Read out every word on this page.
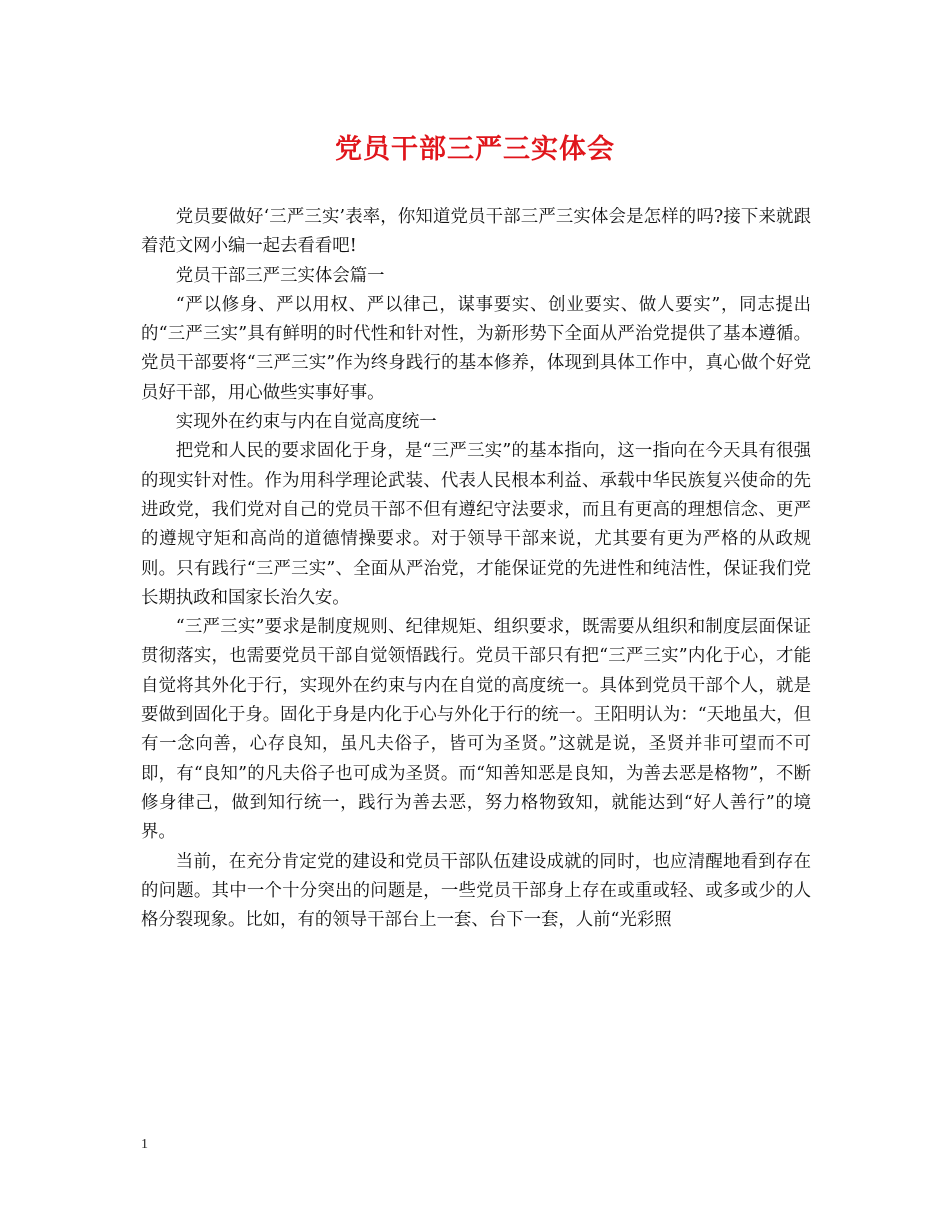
党员干部三严三实体会

党员要做好‘三严三实’表率，你知道党员干部三严三实体会是怎样的吗?接下来就跟着范文网小编一起去看看吧!

党员干部三严三实体会篇一

“严以修身、严以用权、严以律己，谋事要实、创业要实、做人要实”，同志提出的“三严三实”具有鲜明的时代性和针对性，为新形势下全面从严治党提供了基本遵循。党员干部要将“三严三实”作为终身践行的基本修养，体现到具体工作中，真心做个好党员好干部，用心做些实事好事。

实现外在约束与内在自觉高度统一

把党和人民的要求固化于身，是“三严三实”的基本指向，这一指向在今天具有很强的现实针对性。作为用科学理论武装、代表人民根本利益、承载中华民族复兴使命的先进政党，我们党对自己的党员干部不但有遵纪守法要求，而且有更高的理想信念、更严的遵规守矩和高尚的道德情操要求。对于领导干部来说，尤其要有更为严格的从政规则。只有践行“三严三实”、全面从严治党，才能保证党的先进性和纯洁性，保证我们党长期执政和国家长治久安。

“三严三实”要求是制度规则、纪律规矩、组织要求，既需要从组织和制度层面保证贯彻落实，也需要党员干部自觉领悟践行。党员干部只有把“三严三实”内化于心，才能自觉将其外化于行，实现外在约束与内在自觉的高度统一。具体到党员干部个人，就是要做到固化于身。固化于身是内化于心与外化于行的统一。王阳明认为：“天地虽大，但有一念向善，心存良知，虽凡夫俗子，皆可为圣贤。”这就是说，圣贤并非可望而不可即，有“良知”的凡夫俗子也可成为圣贤。而“知善知恶是良知，为善去恶是格物”，不断修身律己，做到知行统一，践行为善去恶，努力格物致知，就能达到“好人善行”的境界。

当前，在充分肯定党的建设和党员干部队伍建设成就的同时，也应清醒地看到存在的问题。其中一个十分突出的问题是，一些党员干部身上存在或重或轻、或多或少的人格分裂现象。比如，有的领导干部台上一套、台下一套，人前“光彩照

1
